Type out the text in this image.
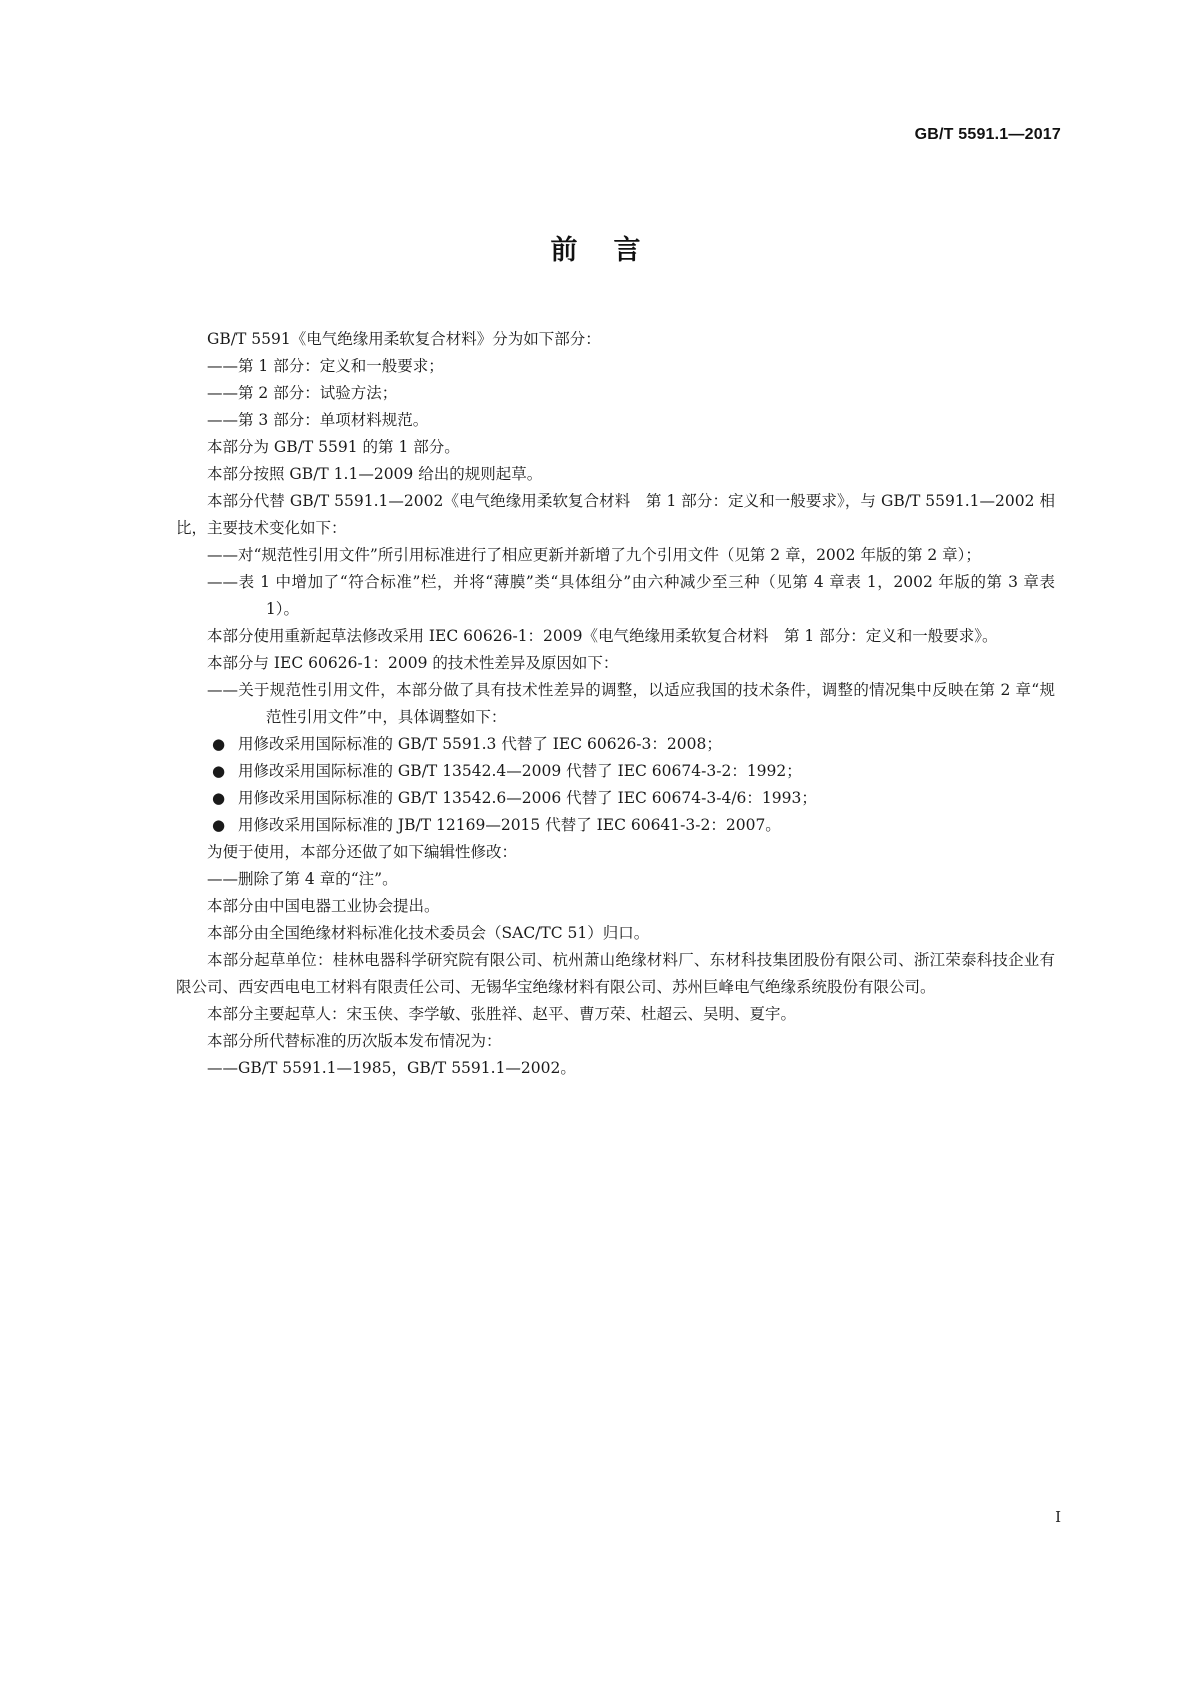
GB/T 5591.1—2017
前言

GB/T 5591《电气绝缘用柔软复合材料》分为如下部分：

——第 1 部分：定义和一般要求；

——第 2 部分：试验方法；

——第 3 部分：单项材料规范。

本部分为 GB/T 5591 的第 1 部分。

本部分按照 GB/T 1.1—2009 给出的规则起草。

本部分代替 GB/T 5591.1—2002《电气绝缘用柔软复合材料　第 1 部分：定义和一般要求》，与 GB/T 5591.1—2002 相比，主要技术变化如下：

——对“规范性引用文件”所引用标准进行了相应更新并新增了九个引用文件（见第 2 章，2002 年版的第 2 章）；

——表 1 中增加了“符合标准”栏，并将“薄膜”类“具体组分”由六种减少至三种（见第 4 章表 1，2002 年版的第 3 章表 1）。

本部分使用重新起草法修改采用 IEC 60626-1：2009《电气绝缘用柔软复合材料　第 1 部分：定义和一般要求》。

本部分与 IEC 60626-1：2009 的技术性差异及原因如下：

——关于规范性引用文件，本部分做了具有技术性差异的调整，以适应我国的技术条件，调整的情况集中反映在第 2 章“规范性引用文件”中，具体调整如下：

● 用修改采用国际标准的 GB/T 5591.3 代替了 IEC 60626-3：2008；

● 用修改采用国际标准的 GB/T 13542.4—2009 代替了 IEC 60674-3-2：1992；

● 用修改采用国际标准的 GB/T 13542.6—2006 代替了 IEC 60674-3-4/6：1993；

● 用修改采用国际标准的 JB/T 12169—2015 代替了 IEC 60641-3-2：2007。

为便于使用，本部分还做了如下编辑性修改：

——删除了第 4 章的“注”。

本部分由中国电器工业协会提出。

本部分由全国绝缘材料标准化技术委员会（SAC/TC 51）归口。

本部分起草单位：桂林电器科学研究院有限公司、杭州萧山绝缘材料厂、东材科技集团股份有限公司、浙江荣泰科技企业有限公司、西安西电电工材料有限责任公司、无锡华宝绝缘材料有限公司、苏州巨峰电气绝缘系统股份有限公司。

本部分主要起草人：宋玉侠、李学敏、张胜祥、赵平、曹万荣、杜超云、吴明、夏宇。

本部分所代替标准的历次版本发布情况为：

——GB/T 5591.1—1985，GB/T 5591.1—2002。

I
